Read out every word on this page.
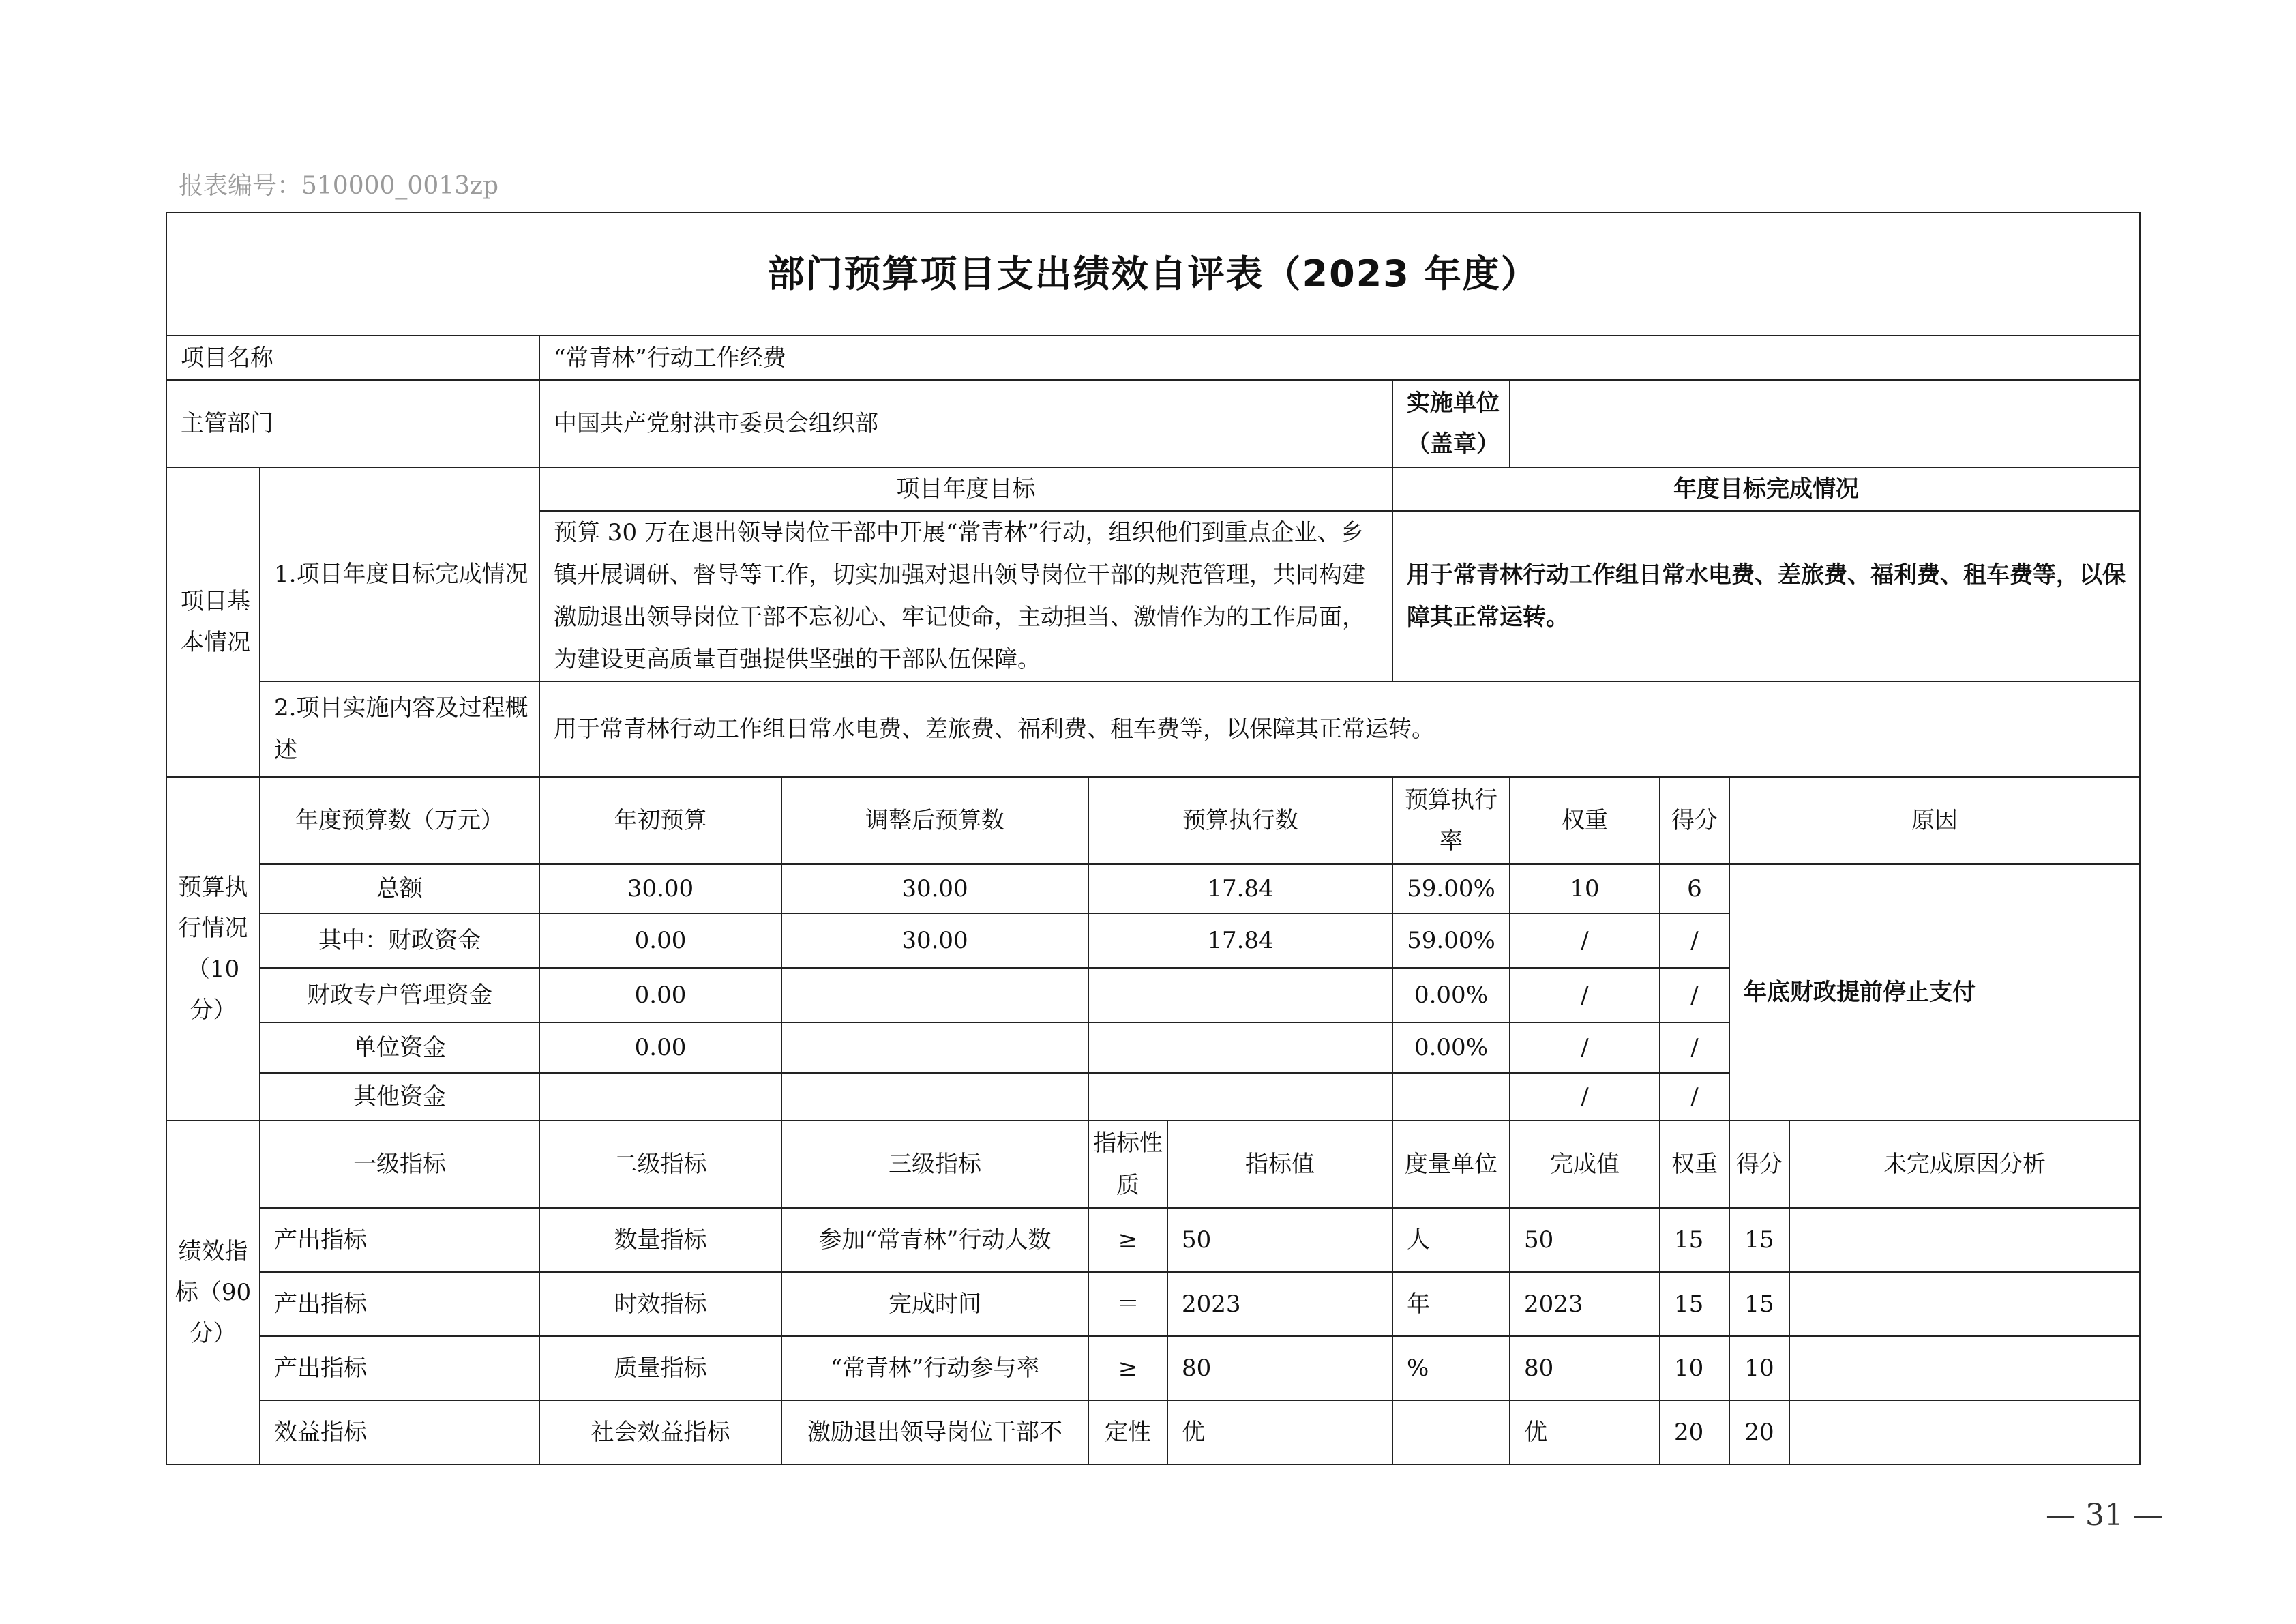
报表编号：510000_0013zp
部门预算项目支出绩效自评表（2023 年度）										
项目名称		“常青林”行动工作经费								
主管部门		中国共产党射洪市委员会组织部				实施单位（盖章）				
项目基本情况	1.项目年度目标完成情况	项目年度目标				年度目标完成情况				
		预算 30 万在退出领导岗位干部中开展“常青林”行动，组织他们到重点企业、乡镇开展调研、督导等工作，切实加强对退出领导岗位干部的规范管理，共同构建激励退出领导岗位干部不忘初心、牢记使命，主动担当、激情作为的工作局面，为建设更高质量百强提供坚强的干部队伍保障。				用于常青林行动工作组日常水电费、差旅费、福利费、租车费等，以保障其正常运转。				
	2.项目实施内容及过程概述	用于常青林行动工作组日常水电费、差旅费、福利费、租车费等，以保障其正常运转。								

预算执行情况（10分）	年度预算数（万元）	年初预算	调整后预算数	预算执行数		预算执行率	权重	得分	原因	
	总额	30.00	30.00	17.84		59.00%	10	6	年底财政提前停止支付	
	其中：财政资金	0.00	30.00	17.84		59.00%	/	/		
	财政专户管理资金	0.00				0.00%	/	/		
	单位资金	0.00				0.00%	/	/		
	其他资金						/	/		
绩效指标（90分）	一级指标	二级指标	三级指标	指标性质	指标值	度量单位	完成值	权重	得分	未完成原因分析
	产出指标	数量指标	参加“常青林”行动人数	≥	50	人	50	15	15	
	产出指标	时效指标	完成时间	＝	2023	年	2023	15	15	
	产出指标	质量指标	“常青林”行动参与率	≥	80	%	80	10	10	
	效益指标	社会效益指标	激励退出领导岗位干部不	定性	优		优	20	20	
— 31 —
